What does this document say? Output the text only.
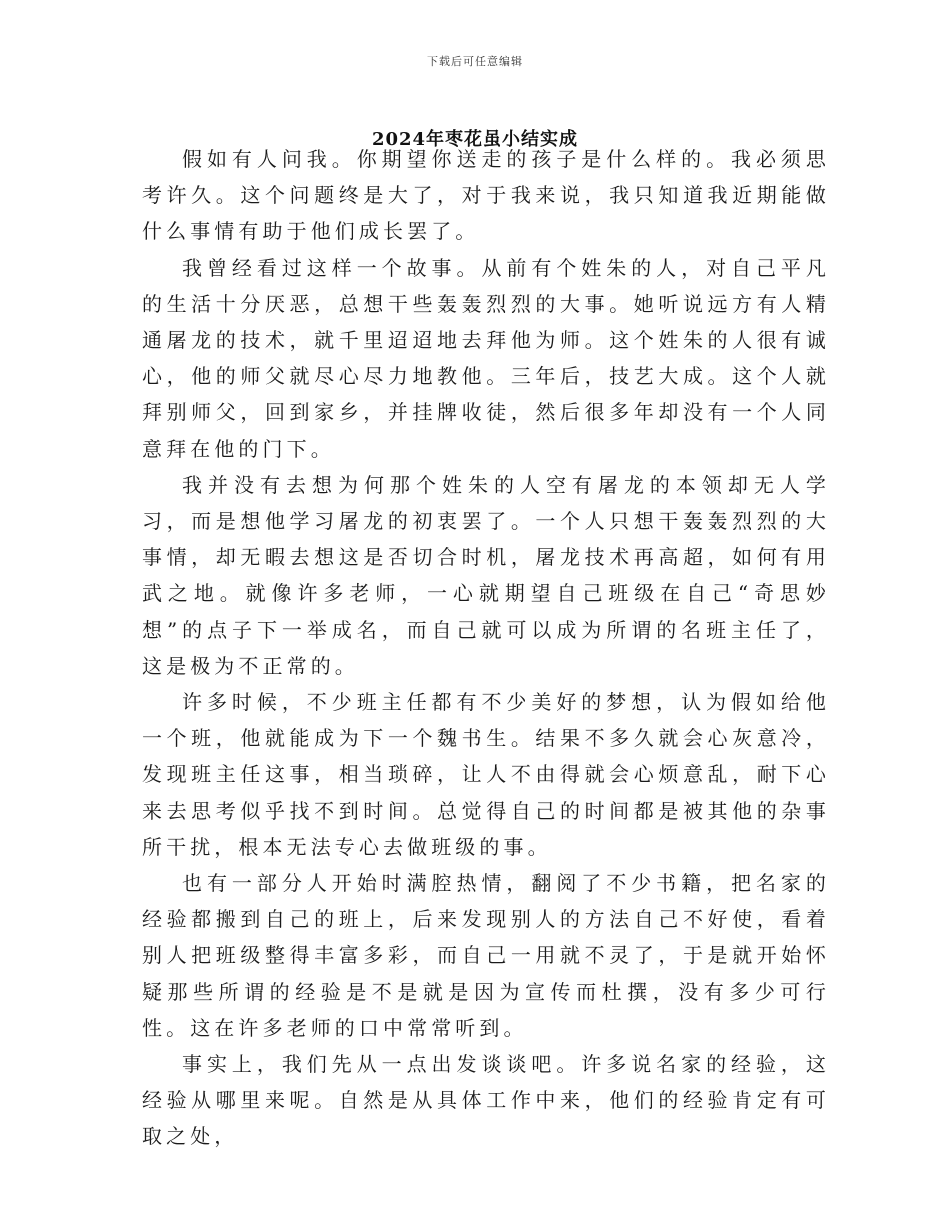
下载后可任意编辑
2024年枣花虽小结实成

假如有人问我。你期望你送走的孩子是什么样的。我必须思考许久。这个问题终是大了，对于我来说，我只知道我近期能做什么事情有助于他们成长罢了。

我曾经看过这样一个故事。从前有个姓朱的人，对自己平凡的生活十分厌恶，总想干些轰轰烈烈的大事。她听说远方有人精通屠龙的技术，就千里迢迢地去拜他为师。这个姓朱的人很有诚心，他的师父就尽心尽力地教他。三年后，技艺大成。这个人就拜别师父，回到家乡，并挂牌收徒，然后很多年却没有一个人同意拜在他的门下。

我并没有去想为何那个姓朱的人空有屠龙的本领却无人学习，而是想他学习屠龙的初衷罢了。一个人只想干轰轰烈烈的大事情，却无暇去想这是否切合时机，屠龙技术再高超，如何有用武之地。就像许多老师，一心就期望自己班级在自己“奇思妙想”的点子下一举成名，而自己就可以成为所谓的名班主任了，这是极为不正常的。

许多时候，不少班主任都有不少美好的梦想，认为假如给他一个班，他就能成为下一个魏书生。结果不多久就会心灰意冷，发现班主任这事，相当琐碎，让人不由得就会心烦意乱，耐下心来去思考似乎找不到时间。总觉得自己的时间都是被其他的杂事所干扰，根本无法专心去做班级的事。

也有一部分人开始时满腔热情，翻阅了不少书籍，把名家的经验都搬到自己的班上，后来发现别人的方法自己不好使，看着别人把班级整得丰富多彩，而自己一用就不灵了，于是就开始怀疑那些所谓的经验是不是就是因为宣传而杜撰，没有多少可行性。这在许多老师的口中常常听到。

事实上，我们先从一点出发谈谈吧。许多说名家的经验，这经验从哪里来呢。自然是从具体工作中来，他们的经验肯定有可取之处，
